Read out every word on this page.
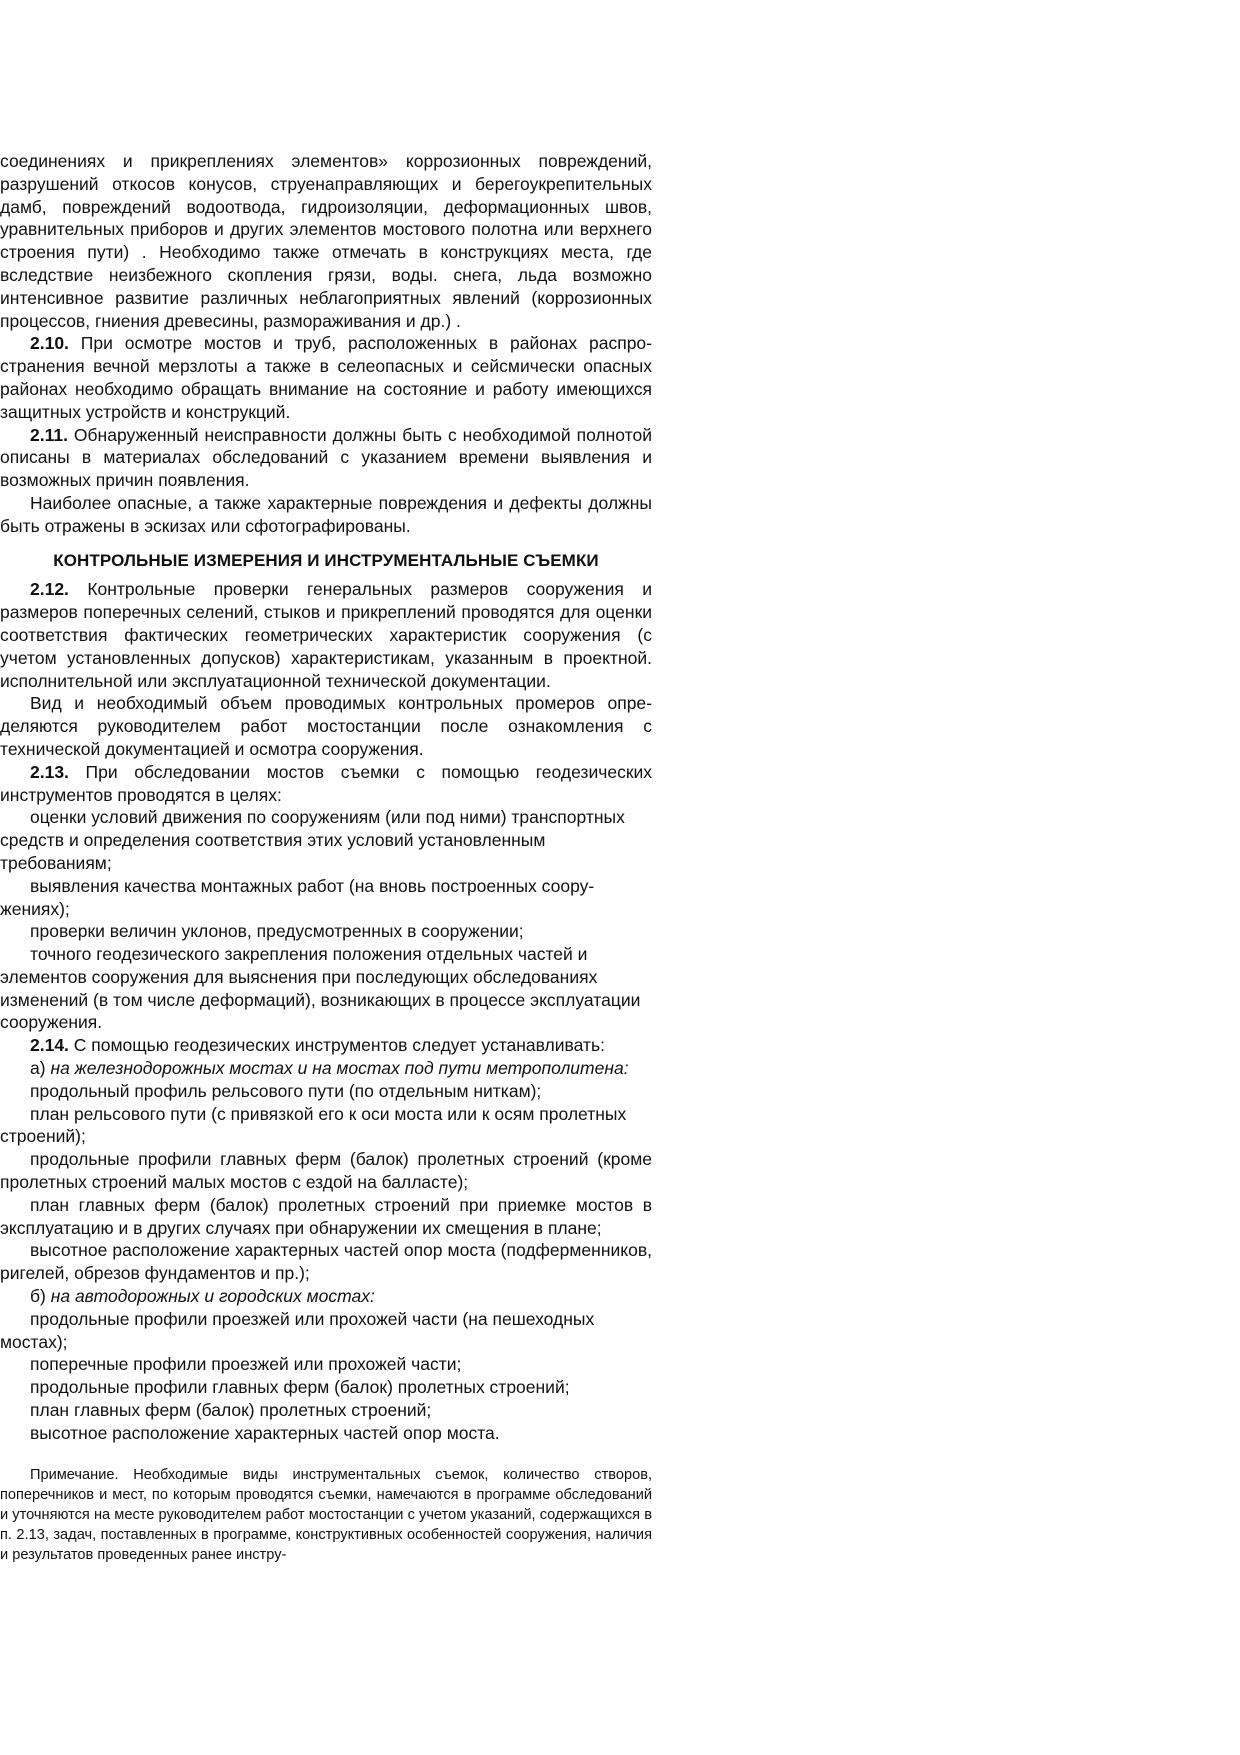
соединениях и прикреплениях элементов» коррозионных повреждений, разрушений откосов конусов, струенаправляющих и берегоукрепительных дамб, повреждений водоотвода, гидроизоляции, деформационных швов, уравнительных приборов и других элементов мостового полотна или верхнего строения пути) . Необходимо также отмечать в конструкциях места, где вследствие неизбежного скопления грязи, воды. снега, льда возможно интенсивное развитие различных неблагоприятных явлений (коррозионных процессов, гниения древесины, размораживания и др.) .

2.10. При осмотре мостов и труб, расположенных в районах распространения вечной мерзлоты а также в селеопасных и сейсмически опасных районах необходимо обращать внимание на состояние и работу имеющихся защитных устройств и конструкций.

2.11. Обнаруженный неисправности должны быть с необходимой полнотой описаны в материалах обследований с указанием времени выявления и возможных причин появления.

Наиболее опасные, а также характерные повреждения и дефекты должны быть отражены в эскизах или сфотографированы.

КОНТРОЛЬНЫЕ ИЗМЕРЕНИЯ И ИНСТРУМЕНТАЛЬНЫЕ СЪЕМКИ

2.12. Контрольные проверки генеральных размеров сооружения и размеров поперечных селений, стыков и прикреплений проводятся для оценки соответствия фактических геометрических характеристик сооружения (с учетом установленных допусков) характеристикам, указанным в проектной. исполнительной или эксплуатационной технической документации.

Вид и необходимый объем проводимых контрольных промеров определяются руководителем работ мостостанции после ознакомления с технической документацией и осмотра сооружения.

2.13. При обследовании мостов съемки с помощью геодезических инструментов проводятся в целях:

оценки условий движения по сооружениям (или под ними) транспортных средств и определения соответствия этих условий установленным требованиям;

выявления качества монтажных работ (на вновь построенных сооружениях);

проверки величин уклонов, предусмотренных в сооружении;

точного геодезического закрепления положения отдельных частей и элементов сооружения для выяснения при последующих обследованиях изменений (в том числе деформаций), возникающих в процессе эксплуатации сооружения.

2.14. С помощью геодезических инструментов следует устанавливать:

а) на железнодорожных мостах и на мостах под пути метрополитена:

продольный профиль рельсового пути (по отдельным ниткам);

план рельсового пути (с привязкой его к оси моста или к осям пролетных строений);

продольные профили главных ферм (балок) пролетных строений (кроме пролетных строений малых мостов с ездой на балласте);

план главных ферм (балок) пролетных строений при приемке мостов в эксплуатацию и в других случаях при обнаружении их смещения в плане;

высотное расположение характерных частей опор моста (подферменников, ригелей, обрезов фундаментов и пр.);

б) на автодорожных и городских мостах:

продольные профили проезжей или прохожей части (на пешеходных мостах);

поперечные профили проезжей или прохожей части;

продольные профили главных ферм (балок) пролетных строений;

план главных ферм (балок) пролетных строений;

высотное расположение характерных частей опор моста.

Примечание. Необходимые виды инструментальных съемок, количество створов, поперечников и мест, по которым проводятся съемки, намечаются в программе обследований и уточняются на месте руководителем работ мостостанции с учетом указаний, содержащихся в п. 2.13, задач, поставленных в программе, конструктивных особенностей сооружения, наличия и результатов проведенных ранее инстру-
